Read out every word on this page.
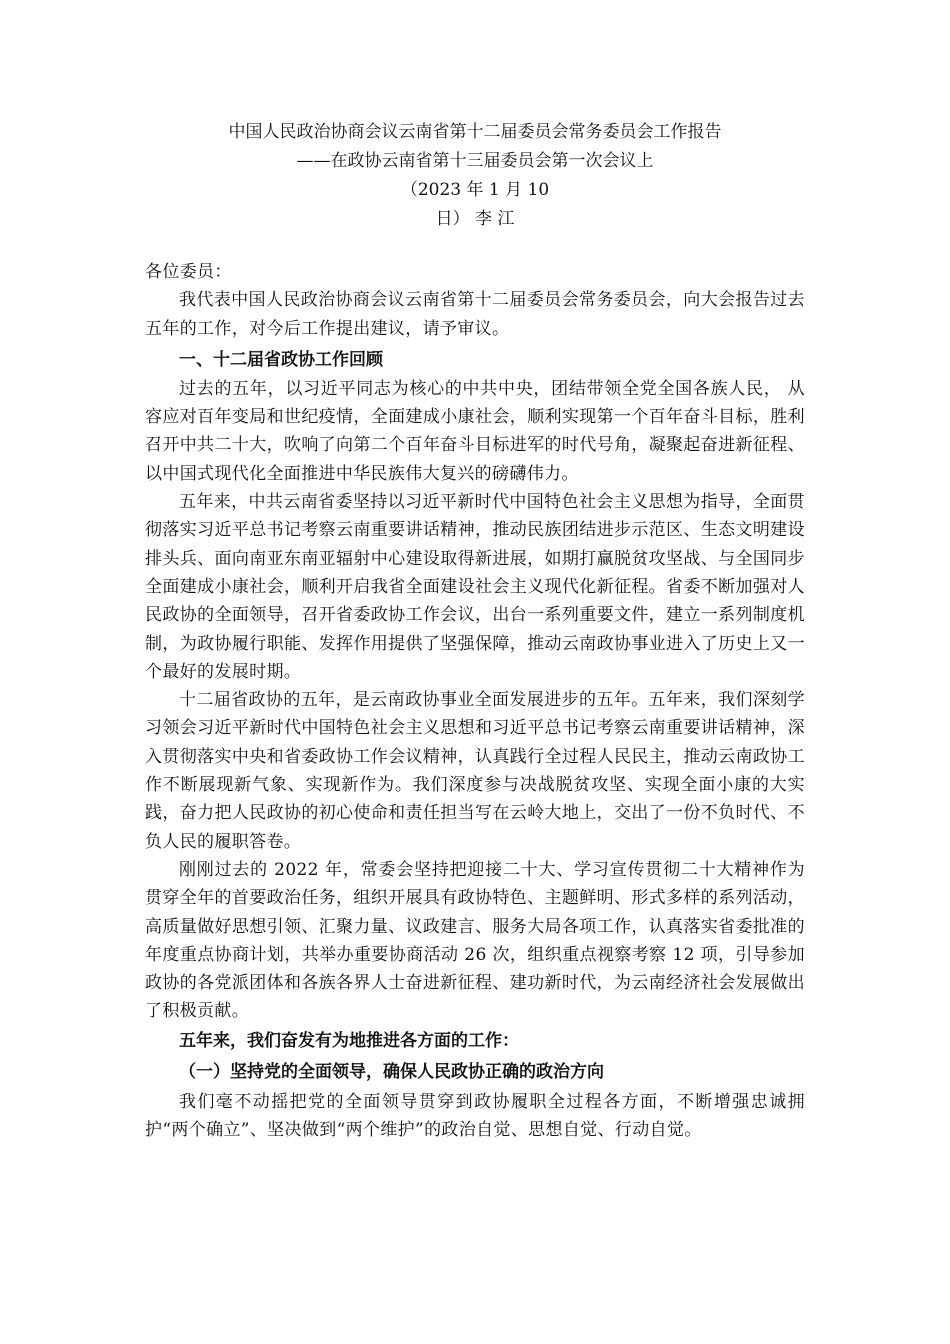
中国人民政治协商会议云南省第十二届委员会常务委员会工作报告
——在政协云南省第十三届委员会第一次会议上
（2023 年 1 月 10
日） 李 江

各位委员：

我代表中国人民政治协商会议云南省第十二届委员会常务委员会，向大会报告过去五年的工作，对今后工作提出建议，请予审议。

一、十二届省政协工作回顾

过去的五年，以习近平同志为核心的中共中央，团结带领全党全国各族人民， 从容应对百年变局和世纪疫情，全面建成小康社会，顺利实现第一个百年奋斗目标，胜利召开中共二十大，吹响了向第二个百年奋斗目标进军的时代号角，凝聚起奋进新征程、以中国式现代化全面推进中华民族伟大复兴的磅礴伟力。

五年来，中共云南省委坚持以习近平新时代中国特色社会主义思想为指导，全面贯彻落实习近平总书记考察云南重要讲话精神，推动民族团结进步示范区、生态文明建设排头兵、面向南亚东南亚辐射中心建设取得新进展，如期打赢脱贫攻坚战、与全国同步全面建成小康社会，顺利开启我省全面建设社会主义现代化新征程。省委不断加强对人民政协的全面领导，召开省委政协工作会议，出台一系列重要文件，建立一系列制度机制，为政协履行职能、发挥作用提供了坚强保障，推动云南政协事业进入了历史上又一个最好的发展时期。

十二届省政协的五年，是云南政协事业全面发展进步的五年。五年来，我们深刻学习领会习近平新时代中国特色社会主义思想和习近平总书记考察云南重要讲话精神，深入贯彻落实中央和省委政协工作会议精神，认真践行全过程人民民主，推动云南政协工作不断展现新气象、实现新作为。我们深度参与决战脱贫攻坚、实现全面小康的大实践，奋力把人民政协的初心使命和责任担当写在云岭大地上，交出了一份不负时代、不负人民的履职答卷。

刚刚过去的 2022 年，常委会坚持把迎接二十大、学习宣传贯彻二十大精神作为贯穿全年的首要政治任务，组织开展具有政协特色、主题鲜明、形式多样的系列活动，高质量做好思想引领、汇聚力量、议政建言、服务大局各项工作，认真落实省委批准的年度重点协商计划，共举办重要协商活动 26 次，组织重点视察考察 12 项，引导参加政协的各党派团体和各族各界人士奋进新征程、建功新时代，为云南经济社会发展做出了积极贡献。

五年来，我们奋发有为地推进各方面的工作：
（一）坚持党的全面领导，确保人民政协正确的政治方向

我们毫不动摇把党的全面领导贯穿到政协履职全过程各方面，不断增强忠诚拥护“两个确立”、坚决做到“两个维护”的政治自觉、思想自觉、行动自觉。
